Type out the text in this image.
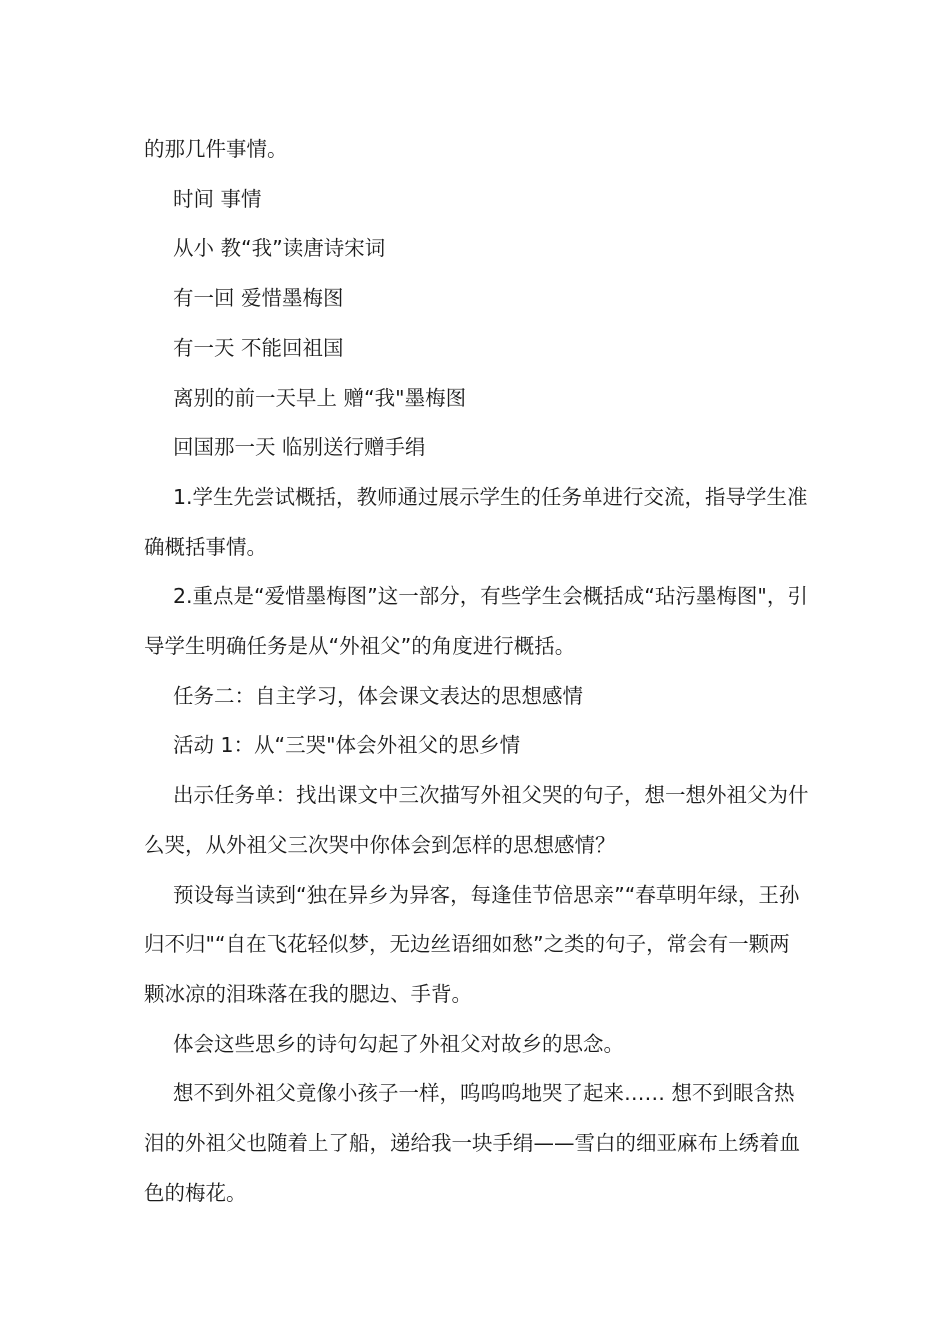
的那几件事情。

时间 事情

从小 教“我”读唐诗宋词

有一回 爱惜墨梅图

有一天 不能回祖国

离别的前一天早上 赠“我"墨梅图

回国那一天 临别送行赠手绢

1.学生先尝试概括，教师通过展示学生的任务单进行交流，指导学生准确概括事情。

2.重点是“爱惜墨梅图”这一部分，有些学生会概括成“玷污墨梅图"，引导学生明确任务是从“外祖父”的角度进行概括。

任务二：自主学习，体会课文表达的思想感情

活动 1：从“三哭"体会外祖父的思乡情

出示任务单：找出课文中三次描写外祖父哭的句子，想一想外祖父为什么哭，从外祖父三次哭中你体会到怎样的思想感情？

预设每当读到“独在异乡为异客，每逢佳节倍思亲”“春草明年绿，王孙归不归"“自在飞花轻似梦，无边丝语细如愁”之类的句子，常会有一颗两颗冰凉的泪珠落在我的腮边、手背。

体会这些思乡的诗句勾起了外祖父对故乡的思念。

想不到外祖父竟像小孩子一样，呜呜呜地哭了起来…… 想不到眼含热泪的外祖父也随着上了船，递给我一块手绢——雪白的细亚麻布上绣着血色的梅花。
